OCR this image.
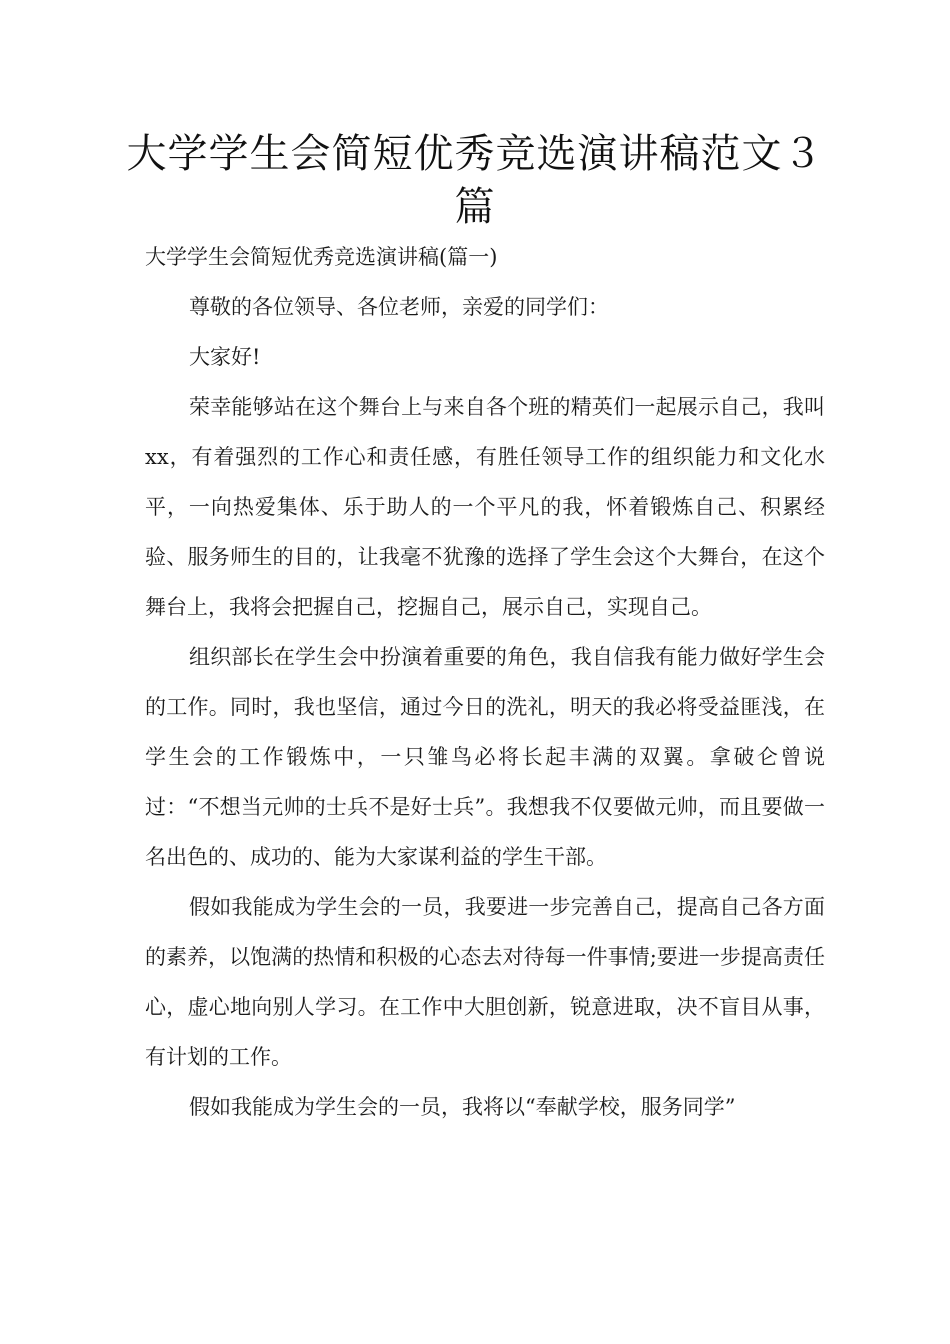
大学学生会简短优秀竞选演讲稿范文３篇

大学学生会简短优秀竞选演讲稿(篇一)

尊敬的各位领导、各位老师，亲爱的同学们：

大家好!

荣幸能够站在这个舞台上与来自各个班的精英们一起展示自己，我叫xx，有着强烈的工作心和责任感，有胜任领导工作的组织能力和文化水平，一向热爱集体、乐于助人的一个平凡的我，怀着锻炼自己、积累经验、服务师生的目的，让我毫不犹豫的选择了学生会这个大舞台，在这个舞台上，我将会把握自己，挖掘自己，展示自己，实现自己。

组织部长在学生会中扮演着重要的角色，我自信我有能力做好学生会的工作。同时，我也坚信，通过今日的洗礼，明天的我必将受益匪浅，在学生会的工作锻炼中，一只雏鸟必将长起丰满的双翼。拿破仑曾说过：“不想当元帅的士兵不是好士兵”。我想我不仅要做元帅，而且要做一名出色的、成功的、能为大家谋利益的学生干部。

假如我能成为学生会的一员，我要进一步完善自己，提高自己各方面的素养，以饱满的热情和积极的心态去对待每一件事情;要进一步提高责任心，虚心地向别人学习。在工作中大胆创新，锐意进取，决不盲目从事，有计划的工作。

假如我能成为学生会的一员，我将以“奉献学校，服务同学”
